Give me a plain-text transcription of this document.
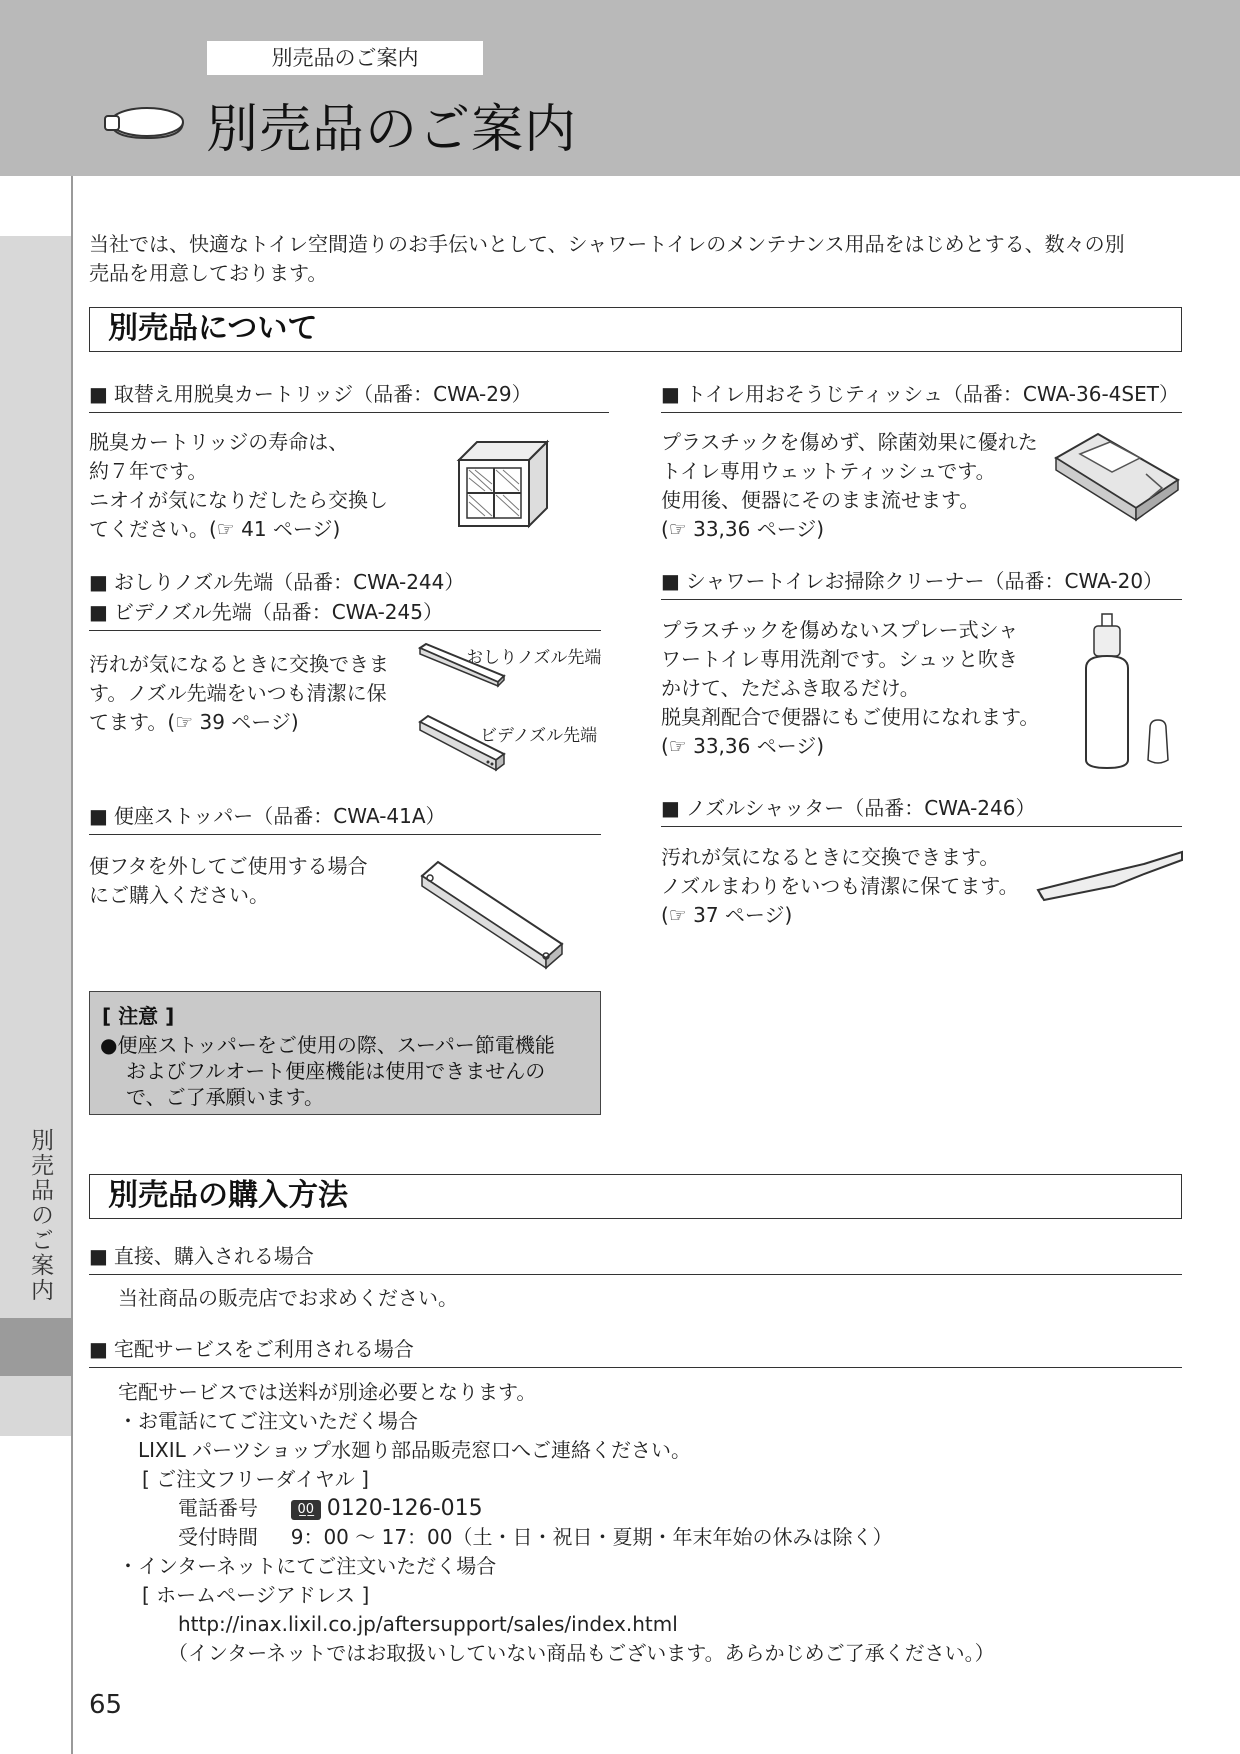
別売品のご案内
別売品のご案内
別売品のご案内
当社では、快適なトイレ空間造りのお手伝いとして、シャワートイレのメンテナンス用品をはじめとする、数々の別
売品を用意しております。
別売品について
■ 取替え用脱臭カートリッジ（品番：CWA-29）
脱臭カートリッジの寿命は、
約７年です。
ニオイが気になりだしたら交換し
てください。(☞ 41 ページ)
■ おしりノズル先端（品番：CWA-244）
■ ビデノズル先端（品番：CWA-245）
汚れが気になるときに交換できま
す。ノズル先端をいつも清潔に保
てます。(☞ 39 ページ)
おしりノズル先端
ビデノズル先端
■ 便座ストッパー（品番：CWA-41A）
便フタを外してご使用する場合
にご購入ください。
[ 注意 ]
●便座ストッパーをご使用の際、スーパー節電機能
およびフルオート便座機能は使用できませんの
で、ご了承願います。
■ トイレ用おそうじティッシュ（品番：CWA-36-4SET）
プラスチックを傷めず、除菌効果に優れた
トイレ専用ウェットティッシュです。
使用後、便器にそのまま流せます。
(☞ 33,36 ページ)
■ シャワートイレお掃除クリーナー（品番：CWA-20）
プラスチックを傷めないスプレー式シャ
ワートイレ専用洗剤です。シュッと吹き
かけて、ただふき取るだけ。
脱臭剤配合で便器にもご使用になれます。
(☞ 33,36 ページ)
■ ノズルシャッター（品番：CWA-246）
汚れが気になるときに交換できます。
ノズルまわりをいつも清潔に保てます。
(☞ 37 ページ)
別売品の購入方法
■ 直接、購入される場合
当社商品の販売店でお求めください。
■ 宅配サービスをご利用される場合
宅配サービスでは送料が別途必要となります。
・お電話にてご注文いただく場合
LIXIL パーツショップ水廻り部品販売窓口へご連絡ください。
[ ご注文フリーダイヤル ]
電話番号	0̲0̲ 0120-126-015
受付時間 9：00 〜 17：00（土・日・祝日・夏期・年末年始の休みは除く）
・インターネットにてご注文いただく場合
[ ホームページアドレス ]
http://inax.lixil.co.jp/aftersupport/sales/index.html
（インターネットではお取扱いしていない商品もございます。あらかじめご了承ください。）
65
